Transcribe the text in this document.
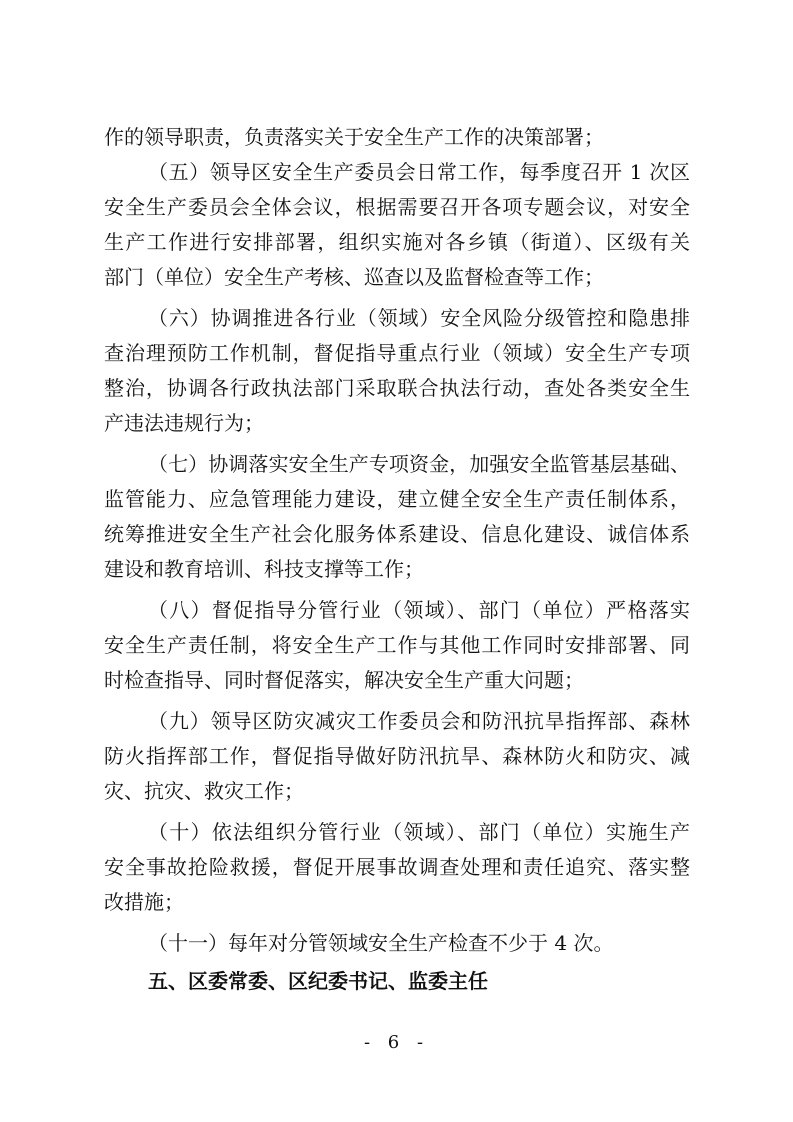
作的领导职责，负责落实关于安全生产工作的决策部署；
（五）领导区安全生产委员会日常工作，每季度召开 1 次区
安全生产委员会全体会议，根据需要召开各项专题会议，对安全
生产工作进行安排部署，组织实施对各乡镇（街道）、区级有关
部门（单位）安全生产考核、巡查以及监督检查等工作；
（六）协调推进各行业（领域）安全风险分级管控和隐患排
查治理预防工作机制，督促指导重点行业（领域）安全生产专项
整治，协调各行政执法部门采取联合执法行动，查处各类安全生
产违法违规行为；
（七）协调落实安全生产专项资金，加强安全监管基层基础、
监管能力、应急管理能力建设，建立健全安全生产责任制体系，
统筹推进安全生产社会化服务体系建设、信息化建设、诚信体系
建设和教育培训、科技支撑等工作；
（八）督促指导分管行业（领域）、部门（单位）严格落实
安全生产责任制，将安全生产工作与其他工作同时安排部署、同
时检查指导、同时督促落实，解决安全生产重大问题；
（九）领导区防灾减灾工作委员会和防汛抗旱指挥部、森林
防火指挥部工作，督促指导做好防汛抗旱、森林防火和防灾、减
灾、抗灾、救灾工作；
（十）依法组织分管行业（领域）、部门（单位）实施生产
安全事故抢险救援，督促开展事故调查处理和责任追究、落实整
改措施；
（十一）每年对分管领域安全生产检查不少于 4 次。
五、区委常委、区纪委书记、监委主任
- 6 -
